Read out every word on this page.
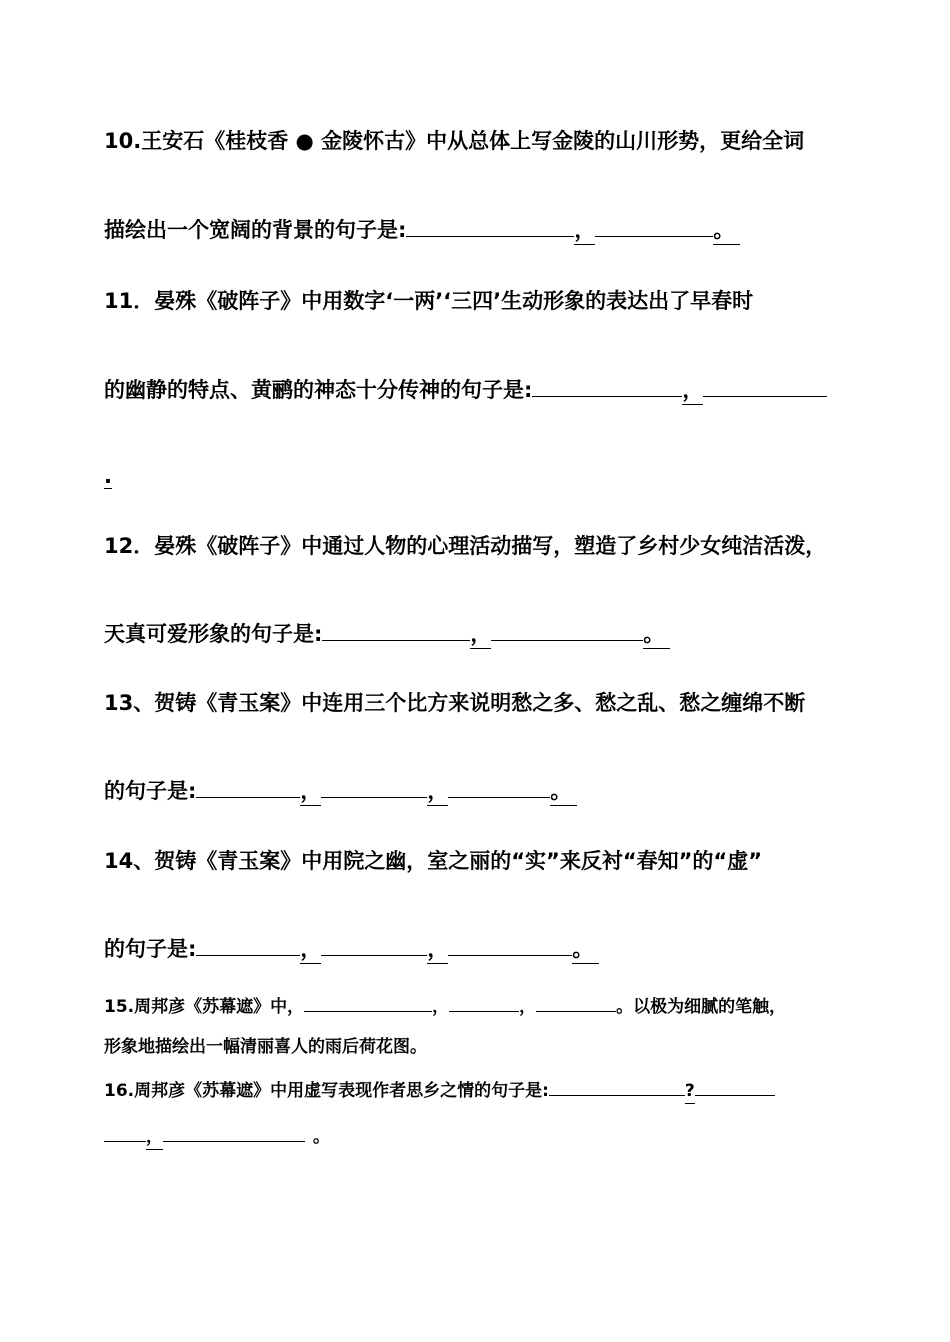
10.王安石《桂枝香 ● 金陵怀古》中从总体上写金陵的山川形势，更给全词
描绘出一个宽阔的背景的句子是:	，	。
11．晏殊《破阵子》中用数字‘一两’‘三四’生动形象的表达出了早春时
的幽静的特点、黄鹂的神态十分传神的句子是:	，
.
12．晏殊《破阵子》中通过人物的心理活动描写，塑造了乡村少女纯洁活泼，
天真可爱形象的句子是:	，	。
13、贺铸《青玉案》中连用三个比方来说明愁之多、愁之乱、愁之缠绵不断
的句子是:	，	，	。
14、贺铸《青玉案》中用院之幽，室之丽的“实”来反衬“春知”的“虚”
的句子是:	，	，	。
15.周邦彦《苏幕遮》中，	，	，	。以极为细腻的笔触，
形象地描绘出一幅清丽喜人的雨后荷花图。
16.周邦彦《苏幕遮》中用虚写表现作者思乡之情的句子是:	?
，	。
